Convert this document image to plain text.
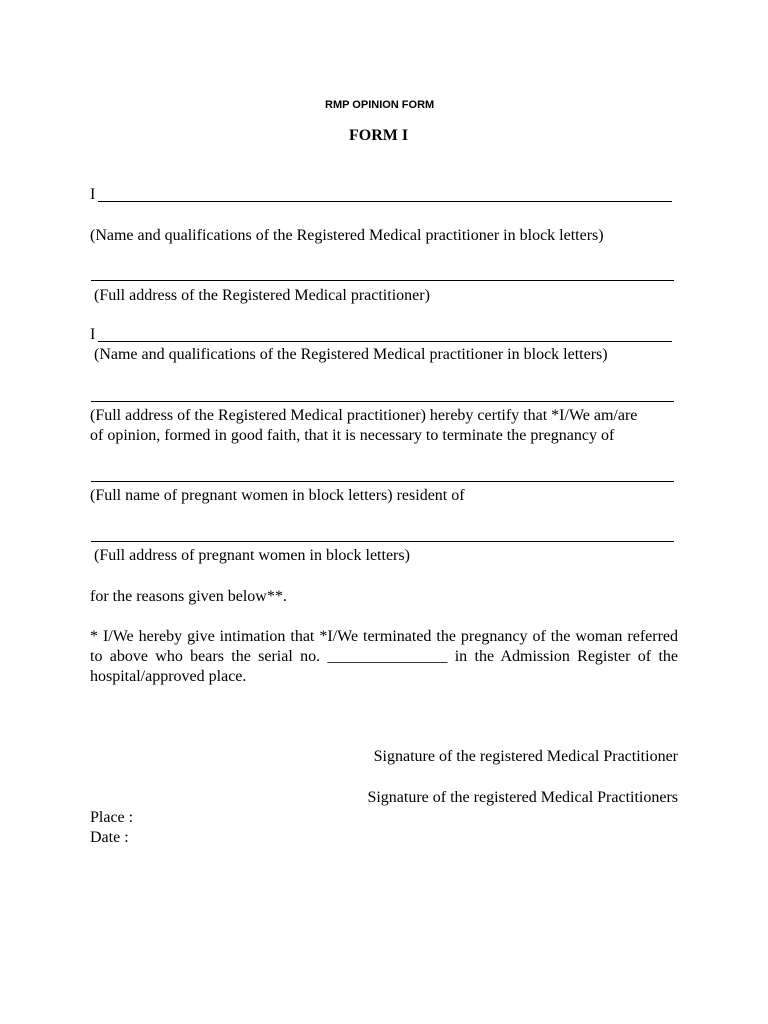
RMP OPINION FORM
FORM I
I
(Name and qualifications of the Registered Medical practitioner in block letters)
(Full address of the Registered Medical practitioner)
I
(Name and qualifications of the Registered Medical practitioner in block letters)
(Full address of the Registered Medical practitioner) hereby certify that *I/We am/are
of opinion, formed in good faith, that it is necessary to terminate the pregnancy of
(Full name of pregnant women in block letters) resident of
(Full address of pregnant women in block letters)
for the reasons given below**.
* I/We hereby give intimation that *I/We terminated the pregnancy of the woman referred to above who bears the serial no. _______________ in the Admission Register of the hospital/approved place.
Signature of the registered Medical Practitioner
Signature of the registered Medical Practitioners
Place :
Date :
